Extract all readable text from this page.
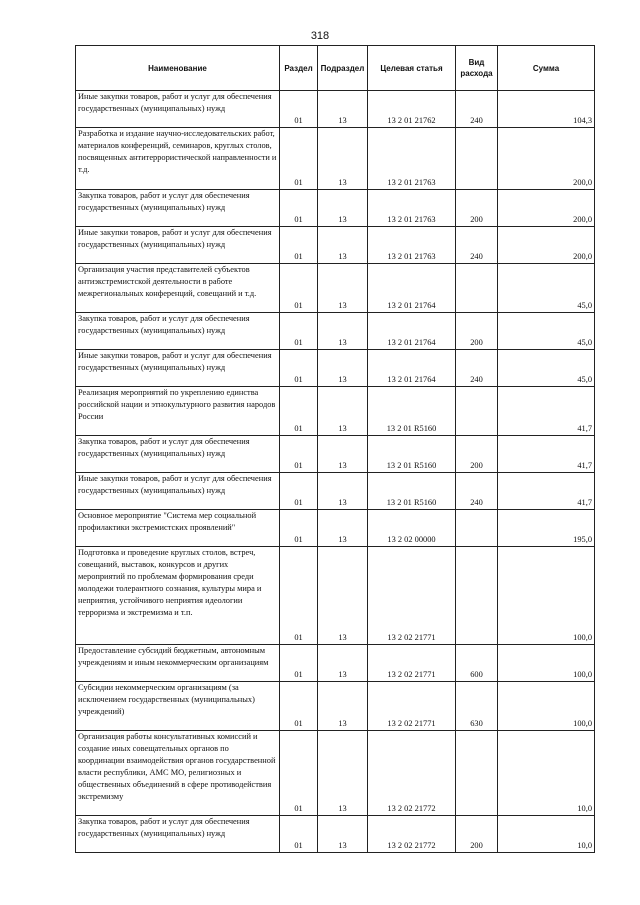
318
Наименование	Раздел	Подраздел	Целевая статья	Вид расхода	Сумма
Иные закупки товаров, работ и услуг для обеспечения государственных (муниципальных) нужд	01	13	13 2 01 21762	240	104,3
Разработка и издание научно-исследовательских работ, материалов конференций, семинаров, круглых столов, посвященных антитеррористической направленности и т.д.	01	13	13 2 01 21763		200,0
Закупка товаров, работ и услуг для обеспечения государственных (муниципальных) нужд	01	13	13 2 01 21763	200	200,0
Иные закупки товаров, работ и услуг для обеспечения государственных (муниципальных) нужд	01	13	13 2 01 21763	240	200,0
Организация участия представителей субъектов антиэкстремистской деятельности в работе межрегиональных конференций, совещаний и т.д.	01	13	13 2 01 21764		45,0
Закупка товаров, работ и услуг для обеспечения государственных (муниципальных) нужд	01	13	13 2 01 21764	200	45,0
Иные закупки товаров, работ и услуг для обеспечения государственных (муниципальных) нужд	01	13	13 2 01 21764	240	45,0
Реализация мероприятий по укреплению единства российской нации и этнокультурного развития народов России	01	13	13 2 01 R5160		41,7
Закупка товаров, работ и услуг для обеспечения государственных (муниципальных) нужд	01	13	13 2 01 R5160	200	41,7
Иные закупки товаров, работ и услуг для обеспечения государственных (муниципальных) нужд	01	13	13 2 01 R5160	240	41,7
Основное мероприятие "Система мер социальной профилактики экстремистских проявлений"	01	13	13 2 02 00000		195,0
Подготовка и проведение круглых столов, встреч, совещаний, выставок, конкурсов и других мероприятий по проблемам формирования среди молодежи толерантного сознания, культуры мира и неприятия, устойчивого неприятия идеологии терроризма и экстремизма и т.п.	01	13	13 2 02 21771		100,0
Предоставление субсидий бюджетным, автономным учреждениям и иным некоммерческим организациям	01	13	13 2 02 21771	600	100,0
Субсидии некоммерческим организациям (за исключением государственных (муниципальных) учреждений)	01	13	13 2 02 21771	630	100,0
Организация работы консультативных комиссий и создание иных совещательных органов по координации взаимодействия органов государственной власти республики, АМС МО, религиозных и общественных объединений в сфере противодействия экстремизму	01	13	13 2 02 21772		10,0
Закупка товаров, работ и услуг для обеспечения государственных (муниципальных) нужд	01	13	13 2 02 21772	200	10,0
